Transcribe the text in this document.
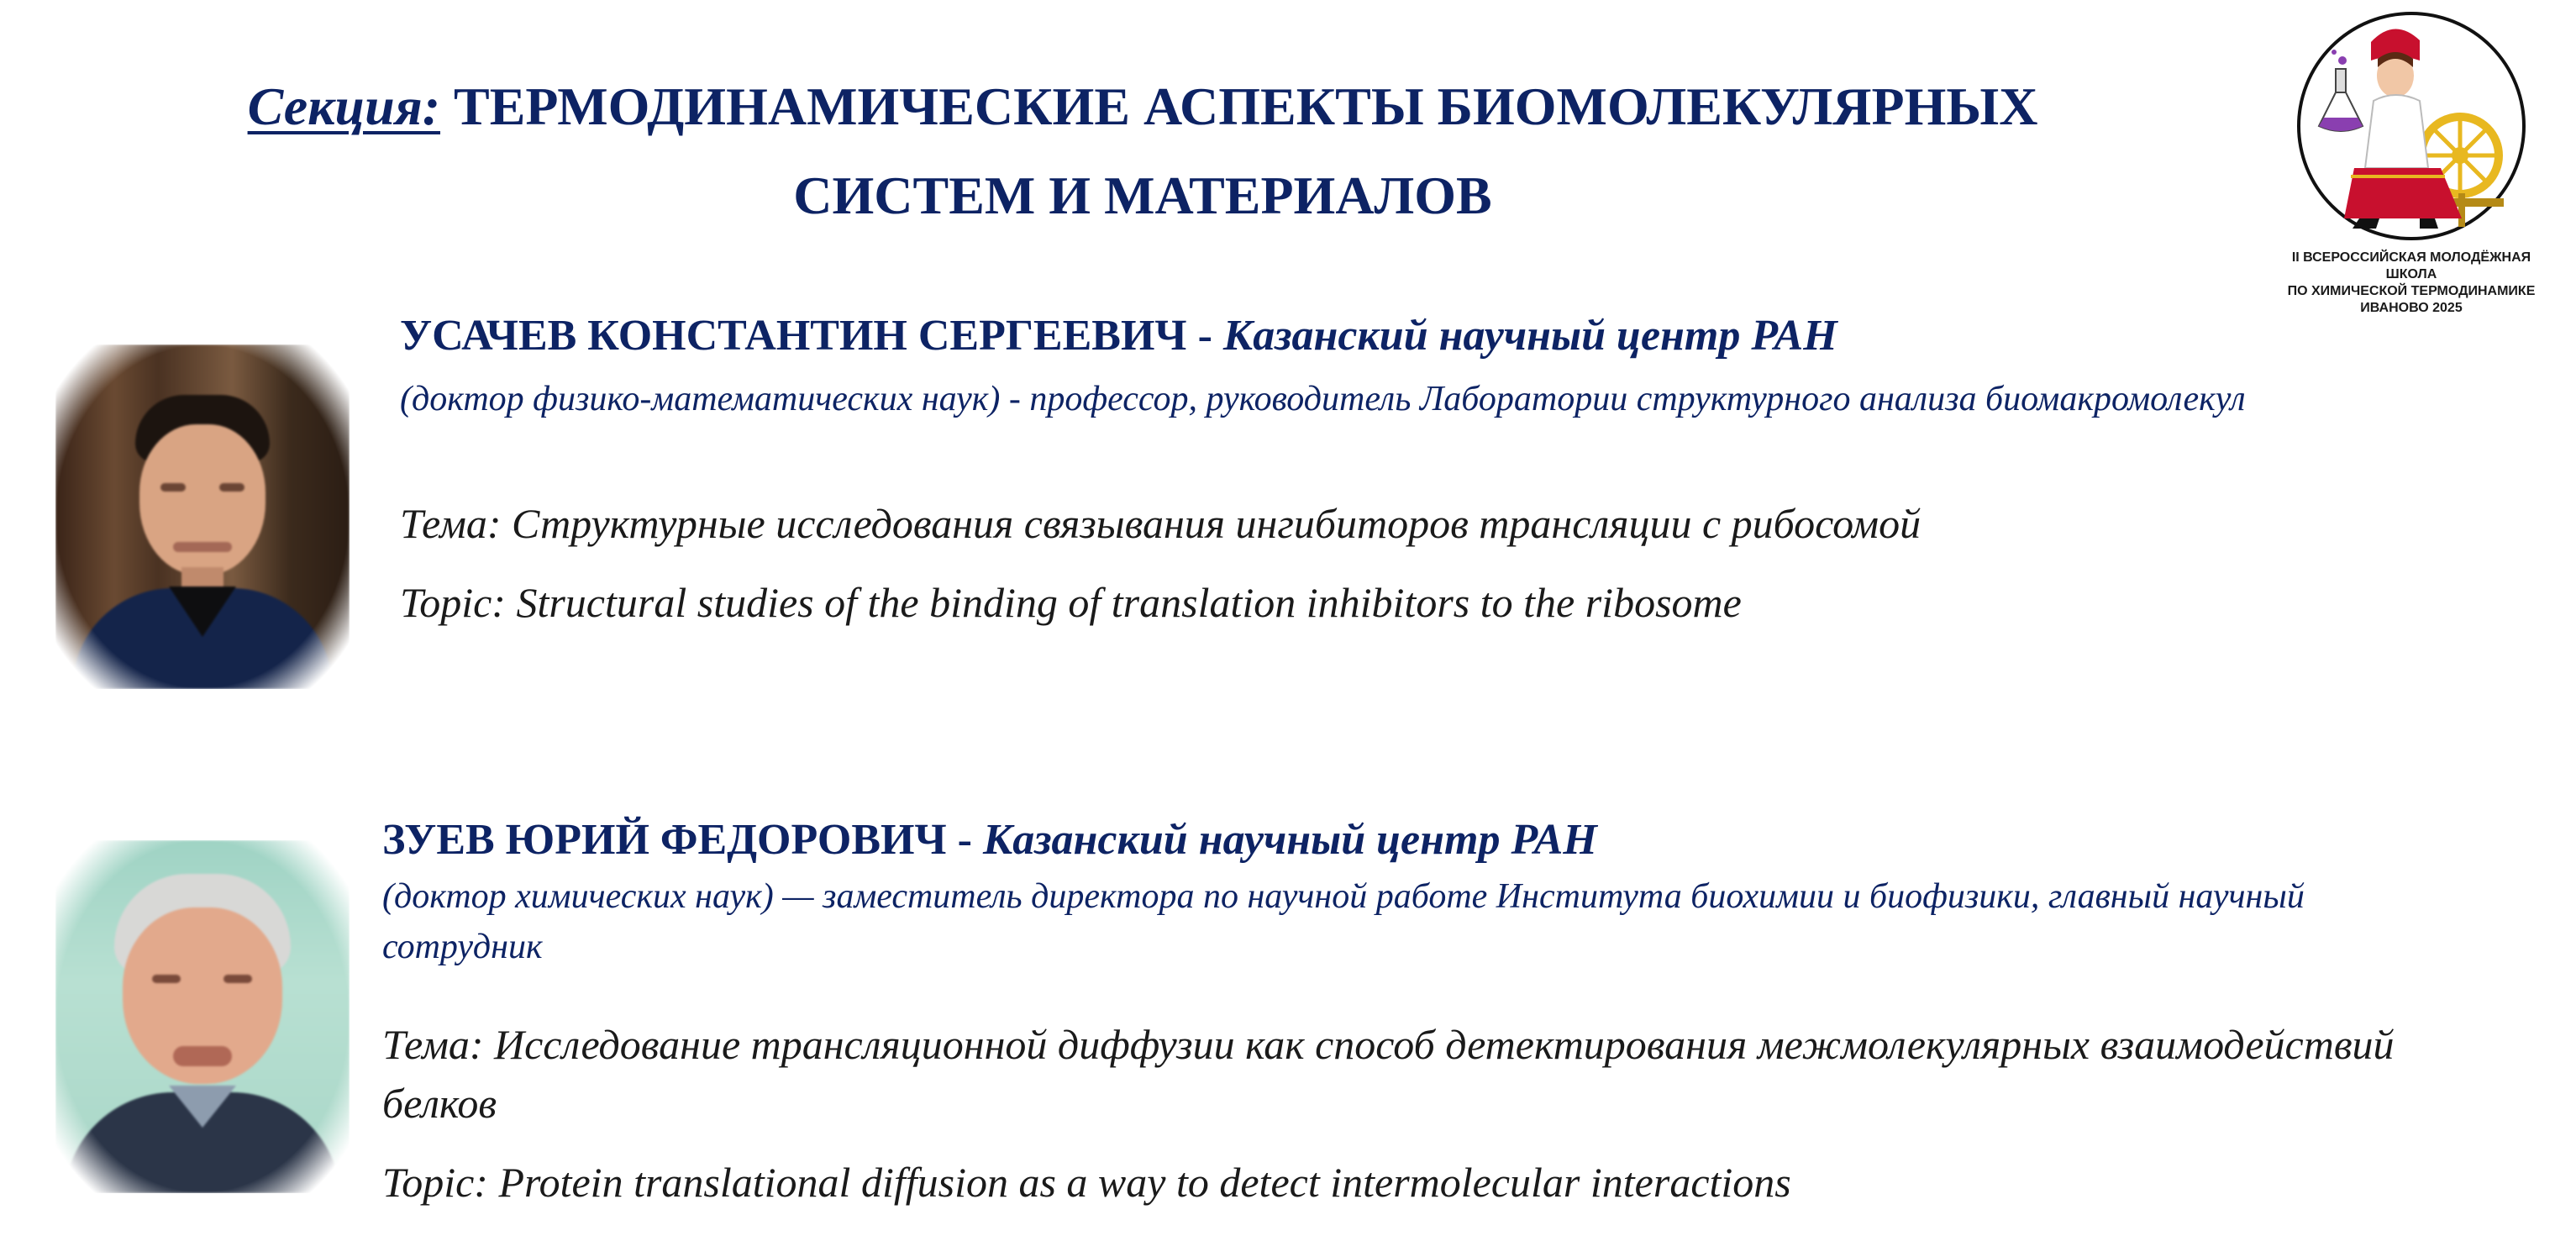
Секция: ТЕРМОДИНАМИЧЕСКИЕ АСПЕКТЫ БИОМОЛЕКУЛЯРНЫХ
СИСТЕМ И МАТЕРИАЛОВ
II ВСЕРОССИЙСКАЯ МОЛОДЁЖНАЯ ШКОЛА
ПО ХИМИЧЕСКОЙ ТЕРМОДИНАМИКЕ
ИВАНОВО 2025
УСАЧЕВ КОНСТАНТИН СЕРГЕЕВИЧ - Казанский научный центр РАН
(доктор физико-математических наук) - профессор, руководитель Лаборатории структурного анализа биомакромолекул
Тема: Структурные исследования связывания ингибиторов трансляции с рибосомой
Topic: Structural studies of the binding of translation inhibitors to the ribosome
ЗУЕВ ЮРИЙ ФЕДОРОВИЧ - Казанский научный центр РАН
(доктор химических наук) — заместитель директора по научной работе Института биохимии и биофизики, главный научный сотрудник
Тема: Исследование трансляционной диффузии как способ детектирования межмолекулярных взаимодействий белков
Topic: Protein translational diffusion as a way to detect intermolecular interactions
